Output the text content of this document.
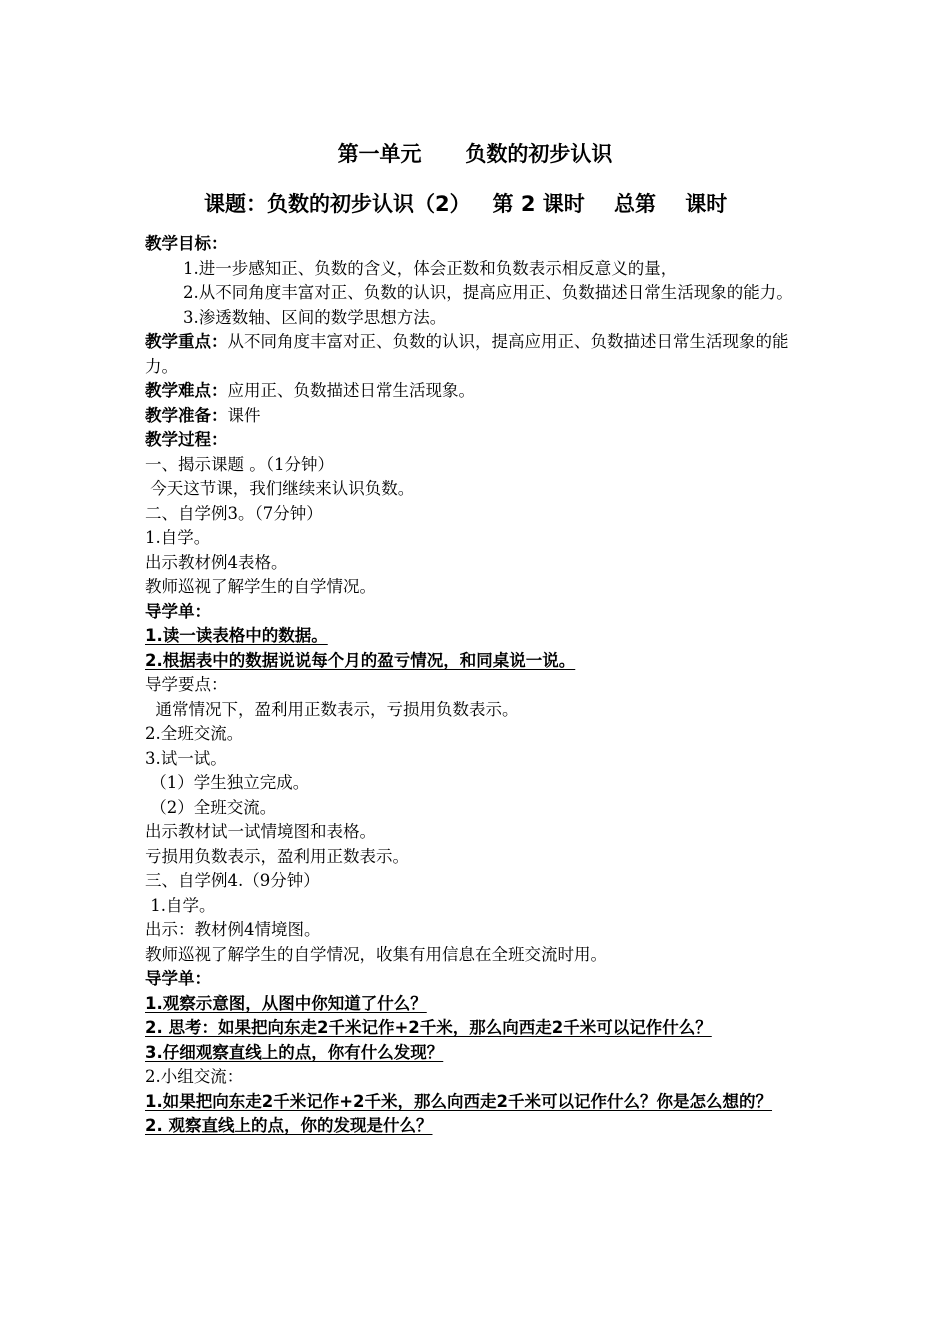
第一单元      负数的初步认识
课题：负数的初步认识（2）   第 2 课时    总第    课时
教学目标：
1.进一步感知正、负数的含义，体会正数和负数表示相反意义的量，
2.从不同角度丰富对正、负数的认识，提高应用正、负数描述日常生活现象的能力。
3.渗透数轴、区间的数学思想方法。
教学重点：从不同角度丰富对正、负数的认识，提高应用正、负数描述日常生活现象的能力。
教学难点：应用正、负数描述日常生活现象。
教学准备：课件
教学过程：
一、揭示课题 。（1分钟）
今天这节课，我们继续来认识负数。
二、自学例3。（7分钟）
1.自学。
出示教材例4表格。
教师巡视了解学生的自学情况。
导学单：
1.读一读表格中的数据。
2.根据表中的数据说说每个月的盈亏情况，和同桌说一说。
导学要点：
通常情况下，盈利用正数表示，亏损用负数表示。
2.全班交流。
3.试一试。
（1）学生独立完成。
（2）全班交流。
出示教材试一试情境图和表格。
亏损用负数表示，盈利用正数表示。
三、自学例4.（9分钟）
1.自学。
出示：教材例4情境图。
教师巡视了解学生的自学情况，收集有用信息在全班交流时用。
导学单：
1.观察示意图，从图中你知道了什么？
2. 思考：如果把向东走2千米记作+2千米，那么向西走2千米可以记作什么？
3.仔细观察直线上的点，你有什么发现？
2.小组交流：
1.如果把向东走2千米记作+2千米，那么向西走2千米可以记作什么？你是怎么想的？
2. 观察直线上的点，你的发现是什么？
